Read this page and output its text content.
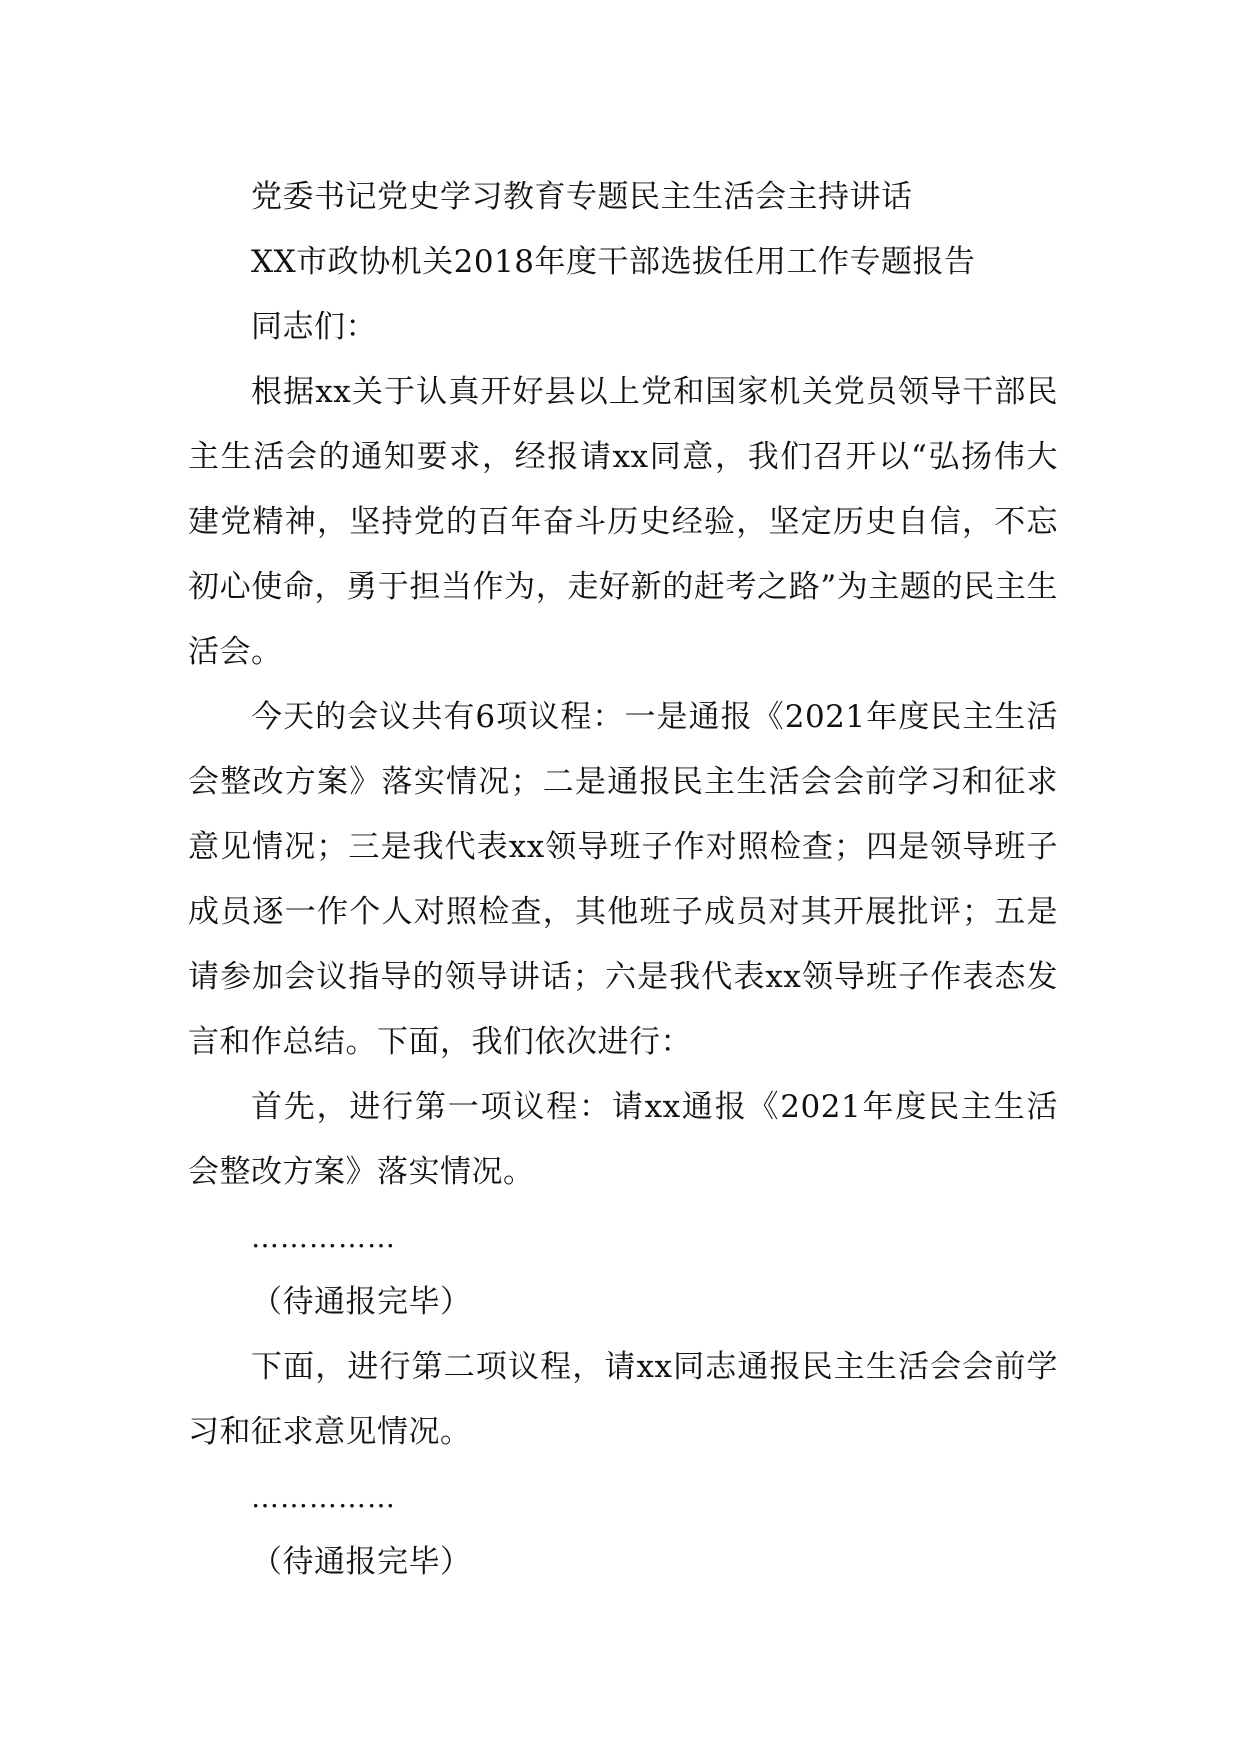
党委书记党史学习教育专题民主生活会主持讲话
XX市政协机关2018年度干部选拔任用工作专题报告
同志们：

根据xx关于认真开好县以上党和国家机关党员领导干部民主生活会的通知要求，经报请xx同意，我们召开以“弘扬伟大建党精神，坚持党的百年奋斗历史经验，坚定历史自信，不忘初心使命，勇于担当作为，走好新的赶考之路”为主题的民主生活会。

今天的会议共有6项议程：一是通报《2021年度民主生活会整改方案》落实情况；二是通报民主生活会会前学习和征求意见情况；三是我代表xx领导班子作对照检查；四是领导班子成员逐一作个人对照检查，其他班子成员对其开展批评；五是请参加会议指导的领导讲话；六是我代表xx领导班子作表态发言和作总结。下面，我们依次进行：

首先，进行第一项议程：请xx通报《2021年度民主生活会整改方案》落实情况。

……………
（待通报完毕）

下面，进行第二项议程，请xx同志通报民主生活会会前学习和征求意见情况。

……………
（待通报完毕）
